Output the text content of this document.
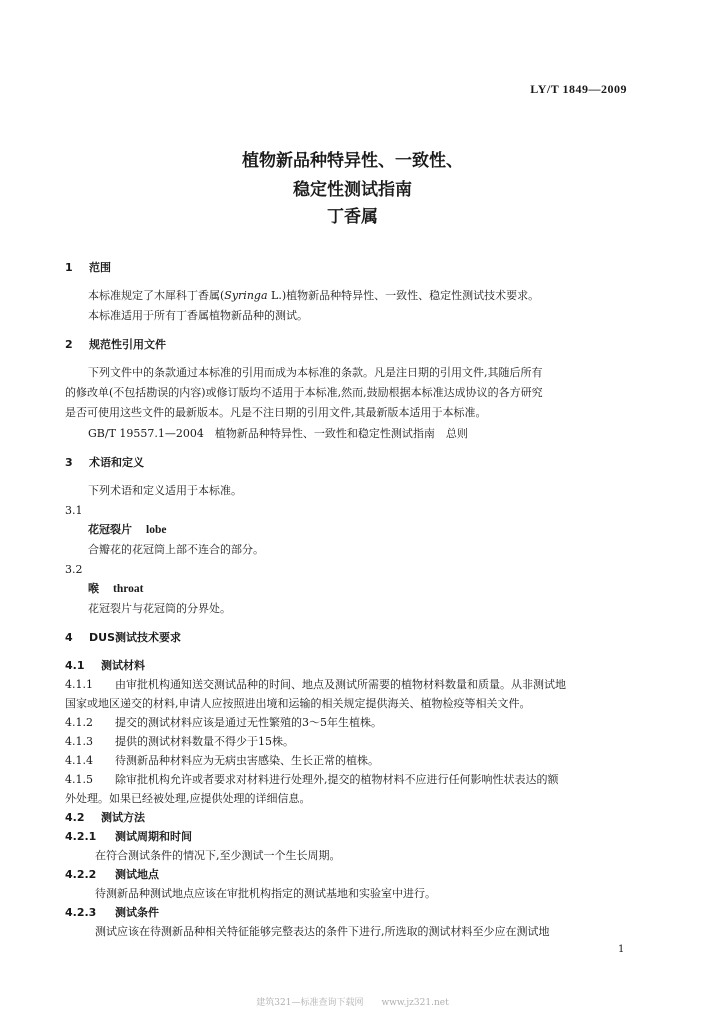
LY/T 1849—2009
植物新品种特异性、一致性、
稳定性测试指南
丁香属
1 范围
本标准规定了木犀科丁香属(Syringa L.)植物新品种特异性、一致性、稳定性测试技术要求。
本标准适用于所有丁香属植物新品种的测试。
2 规范性引用文件
下列文件中的条款通过本标准的引用而成为本标准的条款。凡是注日期的引用文件,其随后所有
的修改单(不包括勘误的内容)或修订版均不适用于本标准,然而,鼓励根据本标准达成协议的各方研究
是否可使用这些文件的最新版本。凡是不注日期的引用文件,其最新版本适用于本标准。
GB/T 19557.1—2004　植物新品种特异性、一致性和稳定性测试指南　总则
3 术语和定义
下列术语和定义适用于本标准。
3.1
花冠裂片 lobe
合瓣花的花冠筒上部不连合的部分。
3.2
喉 throat
花冠裂片与花冠筒的分界处。
4 DUS测试技术要求
4.1 测试材料
4.1.1 由审批机构通知送交测试品种的时间、地点及测试所需要的植物材料数量和质量。从非测试地
国家或地区递交的材料,申请人应按照进出境和运输的相关规定提供海关、植物检疫等相关文件。
4.1.2 提交的测试材料应该是通过无性繁殖的3～5年生植株。
4.1.3 提供的测试材料数量不得少于15株。
4.1.4 待测新品种材料应为无病虫害感染、生长正常的植株。
4.1.5 除审批机构允许或者要求对材料进行处理外,提交的植物材料不应进行任何影响性状表达的额
外处理。如果已经被处理,应提供处理的详细信息。
4.2 测试方法
4.2.1 测试周期和时间
在符合测试条件的情况下,至少测试一个生长周期。
4.2.2 测试地点
待测新品种测试地点应该在审批机构指定的测试基地和实验室中进行。
4.2.3 测试条件
测试应该在待测新品种相关特征能够完整表达的条件下进行,所选取的测试材料至少应在测试地
1
建筑321—标准查询下载网　　www.jz321.net
